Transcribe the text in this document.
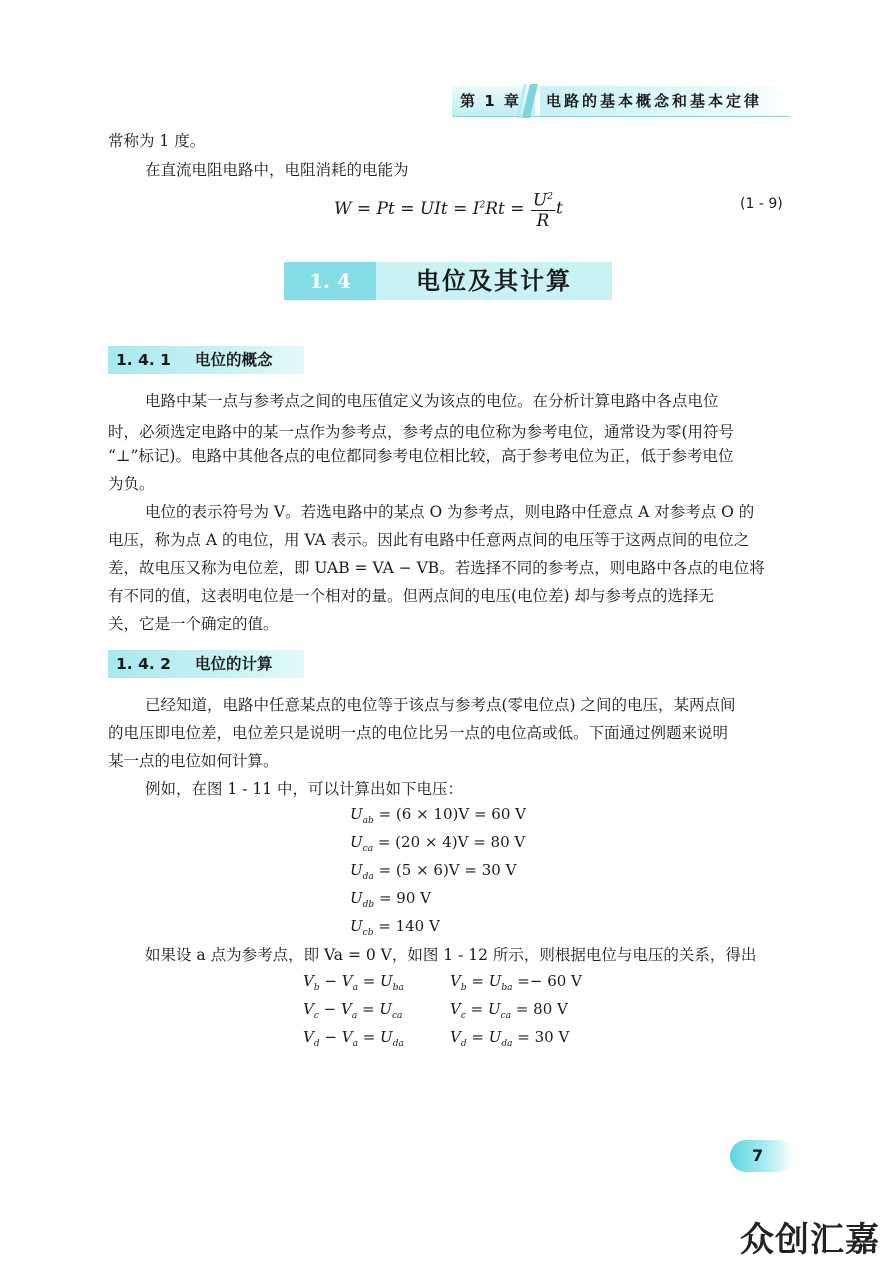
第 1 章	电路的基本概念和基本定律
常称为 1 度。
在直流电阻电路中，电阻消耗的电能为
W = Pt = UIt = $I^2Rt = \frac{U^2}{R}$ t	(1 - 9)
1. 4	电位及其计算
1. 4. 1 电位的概念
电路中某一点与参考点之间的电压值定义为该点的电位。在分析计算电路中各点电位
时，必须选定电路中的某一点作为参考点，参考点的电位称为参考电位，通常设为零(用符号
“⊥”标记)。电路中其他各点的电位都同参考电位相比较，高于参考电位为正，低于参考电位
为负。
电位的表示符号为 V。若选电路中的某点 O 为参考点，则电路中任意点 A 对参考点 O 的
电压，称为点 A 的电位，用 VA 表示。因此有电路中任意两点间的电压等于这两点间的电位之
差，故电压又称为电位差，即 UAB = VA − VB。若选择不同的参考点，则电路中各点的电位将
有不同的值，这表明电位是一个相对的量。但两点间的电压(电位差) 却与参考点的选择无
关，它是一个确定的值。
1. 4. 2 电位的计算
已经知道，电路中任意某点的电位等于该点与参考点(零电位点) 之间的电压，某两点间
的电压即电位差，电位差只是说明一点的电位比另一点的电位高或低。下面通过例题来说明
某一点的电位如何计算。
例如，在图 1 - 11 中，可以计算出如下电压：
$U_{ab} = (6 \times 10)V = 60$ V
$U_{ca} = (20 \times 4)V = 80$ V
$U_{da} = (5 \times 6)V = 30$ V
$U_{db} = 90$ V
$U_{cb} = 140$ V
如果设 a 点为参考点，即 Va = 0 V，如图 1 - 12 所示，则根据电位与电压的关系，得出
$V_b - V_a = U_{ba}$	$V_b = U_{ba} =- 60$ V
$V_c - V_a = U_{ca}$	$V_c = U_{ca} = 80$ V
$V_d - V_a = U_{da}$	$V_d = U_{da} = 30$ V
7
众创汇嘉
